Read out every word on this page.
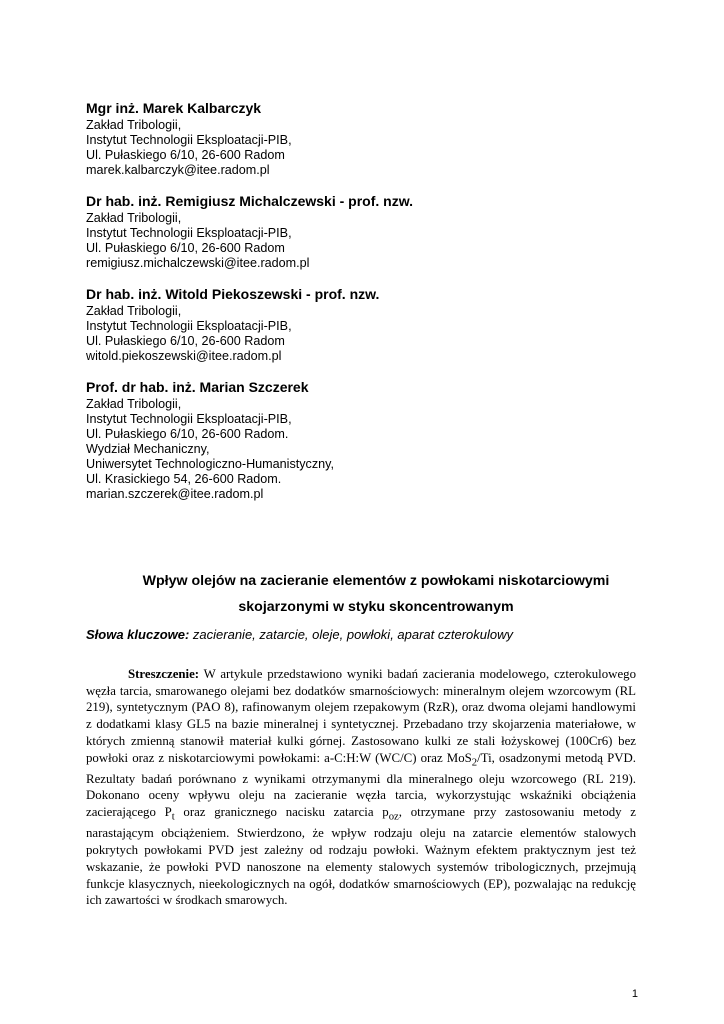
Mgr inż. Marek Kalbarczyk
Zakład Tribologii,
Instytut Technologii Eksploatacji-PIB,
Ul. Pułaskiego 6/10, 26-600 Radom
marek.kalbarczyk@itee.radom.pl
Dr hab. inż. Remigiusz Michalczewski - prof. nzw.
Zakład Tribologii,
Instytut Technologii Eksploatacji-PIB,
Ul. Pułaskiego 6/10, 26-600 Radom
remigiusz.michalczewski@itee.radom.pl
Dr hab. inż. Witold Piekoszewski - prof. nzw.
Zakład Tribologii,
Instytut Technologii Eksploatacji-PIB,
Ul. Pułaskiego 6/10, 26-600 Radom
witold.piekoszewski@itee.radom.pl
Prof. dr hab. inż. Marian Szczerek
Zakład Tribologii,
Instytut Technologii Eksploatacji-PIB,
Ul. Pułaskiego 6/10, 26-600 Radom.
Wydział Mechaniczny,
Uniwersytet Technologiczno-Humanistyczny,
Ul. Krasickiego 54, 26-600 Radom.
marian.szczerek@itee.radom.pl
Wpływ olejów na zacieranie elementów z powłokami niskotarciowymi
skojarzonymi w styku skoncentrowanym
Słowa kluczowe: zacieranie, zatarcie, oleje, powłoki, aparat czterokulowy
Streszczenie: W artykule przedstawiono wyniki badań zacierania modelowego, czterokulowego węzła tarcia, smarowanego olejami bez dodatków smarnościowych: mineralnym olejem wzorcowym (RL 219), syntetycznym (PAO 8), rafinowanym olejem rzepakowym (RzR), oraz dwoma olejami handlowymi z dodatkami klasy GL5 na bazie mineralnej i syntetycznej. Przebadano trzy skojarzenia materiałowe, w których zmienną stanowił materiał kulki górnej. Zastosowano kulki ze stali łożyskowej (100Cr6) bez powłoki oraz z niskotarciowymi powłokami: a-C:H:W (WC/C) oraz MoS$_2$/Ti, osadzonymi metodą PVD. Rezultaty badań porównano z wynikami otrzymanymi dla mineralnego oleju wzorcowego (RL 219). Dokonano oceny wpływu oleju na zacieranie węzła tarcia, wykorzystując wskaźniki obciążenia zacierającego $P_t$ oraz granicznego nacisku zatarcia $p_{oz}$, otrzymane przy zastosowaniu metody z narastającym obciążeniem. Stwierdzono, że wpływ rodzaju oleju na zatarcie elementów stalowych pokrytych powłokami PVD jest zależny od rodzaju powłoki. Ważnym efektem praktycznym jest też wskazanie, że powłoki PVD nanoszone na elementy stalowych systemów tribologicznych, przejmują funkcje klasycznych, nieekologicznych na ogół, dodatków smarnościowych (EP), pozwalając na redukcję ich zawartości w środkach smarowych.
1
